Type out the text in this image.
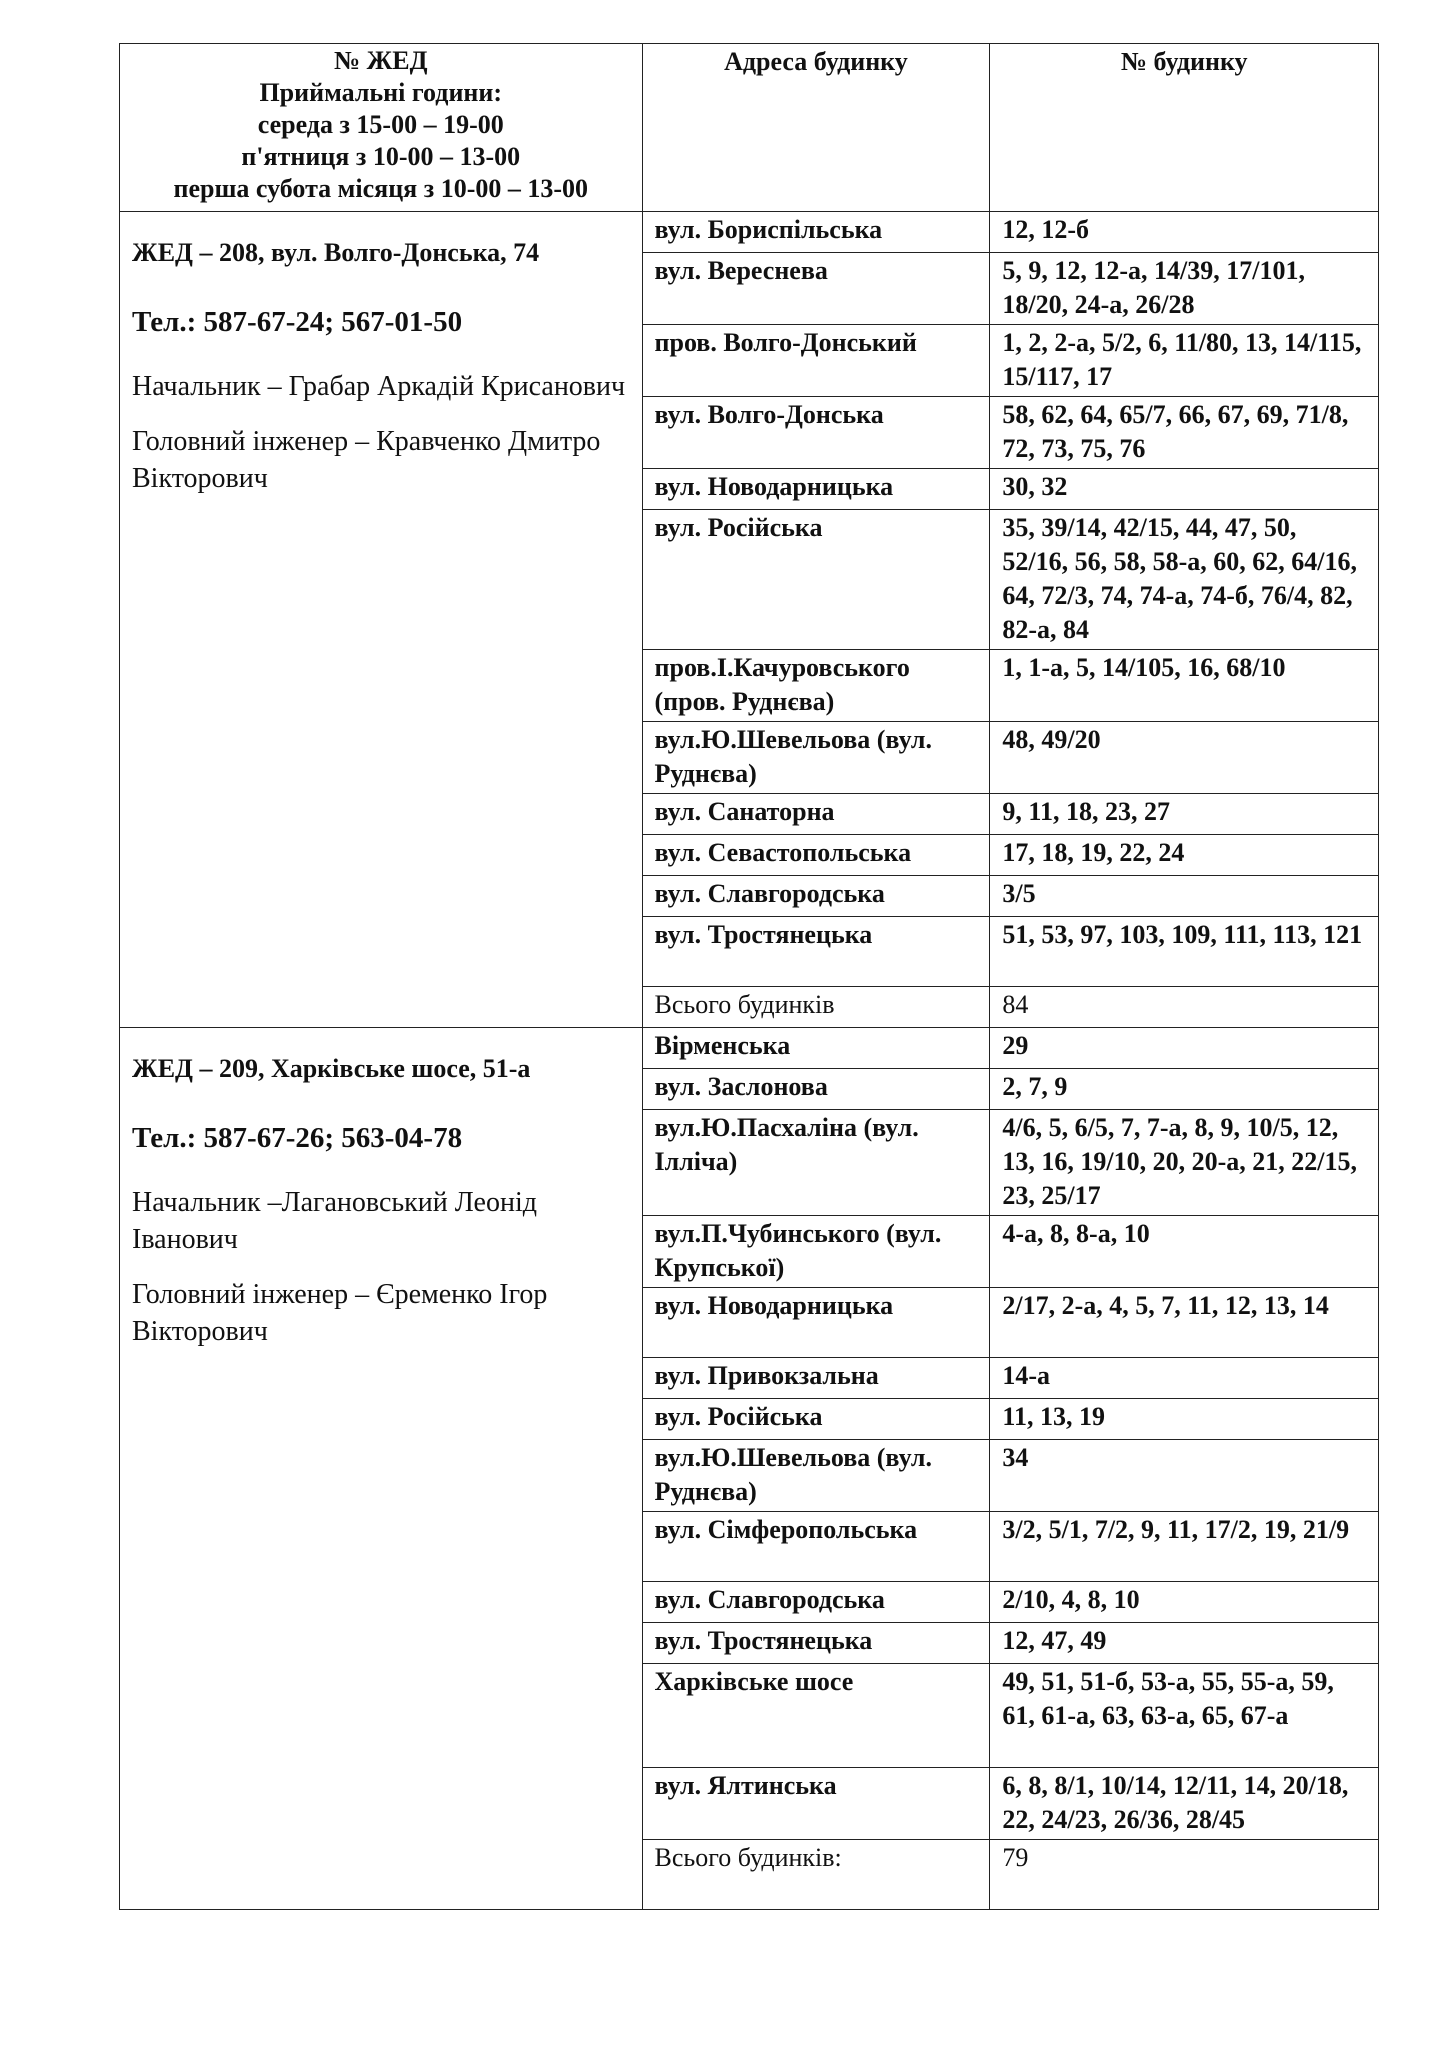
№ ЖЕД
Приймальні години:
середа з 15-00 – 19-00
п'ятниця з 10-00 – 13-00
перша субота місяця з 10-00 – 13-00	Адреса будинку	№ будинку

ЖЕД – 208, вул. Волго-Донська, 74

Тел.: 587-67-24; 567-01-50

Начальник – Грабар Аркадій Крисанович

Головний інженер – Кравченко Дмитро Вікторович	вул. Бориспільська	12, 12-б
	вул. Вереснева	5, 9, 12, 12-а, 14/39, 17/101, 18/20, 24-а, 26/28
	пров. Волго-Донський	1, 2, 2-а, 5/2, 6, 11/80, 13, 14/115, 15/117, 17
	вул. Волго-Донська	58, 62, 64, 65/7, 66, 67, 69, 71/8, 72, 73, 75, 76
	вул. Новодарницька	30, 32
	вул. Російська	35, 39/14, 42/15, 44, 47, 50, 52/16, 56, 58, 58-а, 60, 62, 64/16, 64, 72/3, 74, 74-а, 74-б, 76/4, 82, 82-а, 84
	пров.І.Качуровського (пров. Руднєва)	1, 1-а, 5, 14/105, 16, 68/10
	вул.Ю.Шевельова (вул. Руднєва)	48, 49/20
	вул. Санаторна	9, 11, 18, 23, 27
	вул. Севастопольська	17, 18, 19, 22, 24
	вул. Славгородська	3/5
	вул. Тростянецька	51, 53, 97, 103, 109, 111, 113, 121
	Всього будинків	84

ЖЕД – 209, Харківське шосе, 51-а

Тел.: 587-67-26; 563-04-78

Начальник –Лагановський Леонід Іванович

Головний інженер – Єременко Ігор Вікторович	Вірменська	29
	вул. Заслонова	2, 7, 9
	вул.Ю.Пасхаліна (вул. Ілліча)	4/6, 5, 6/5, 7, 7-а, 8, 9, 10/5, 12, 13, 16, 19/10, 20, 20-а, 21, 22/15, 23, 25/17
	вул.П.Чубинського (вул. Крупської)	4-а, 8, 8-а, 10
	вул. Новодарницька	2/17, 2-а, 4, 5, 7, 11, 12, 13, 14
	вул. Привокзальна	14-а
	вул. Російська	11, 13, 19
	вул.Ю.Шевельова (вул. Руднєва)	34
	вул. Сімферопольська	3/2, 5/1, 7/2, 9, 11, 17/2, 19, 21/9
	вул. Славгородська	2/10, 4, 8, 10
	вул. Тростянецька	12, 47, 49
	Харківське шосе	49, 51, 51-б, 53-а, 55, 55-а, 59, 61, 61-а, 63, 63-а, 65, 67-а
	вул. Ялтинська	6, 8, 8/1, 10/14, 12/11, 14, 20/18, 22, 24/23, 26/36, 28/45
	Всього будинків:	79
